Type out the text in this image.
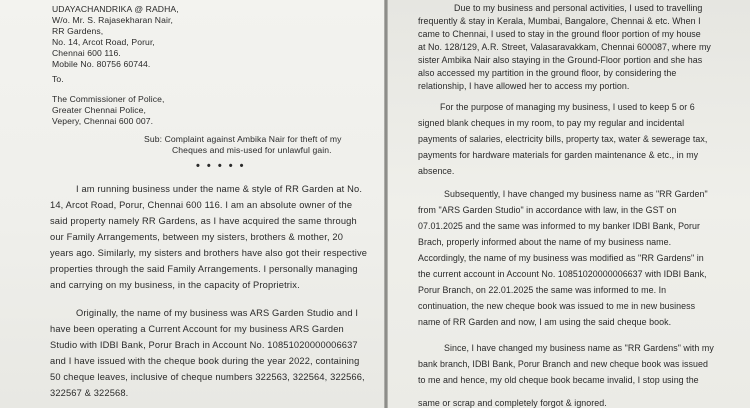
UDAYACHANDRIKA @ RADHA,
W/o. Mr. S. Rajasekharan Nair,
RR Gardens,
No. 14, Arcot Road, Porur,
Chennai 600 116.
Mobile No. 80756 60744.
To.
The Commissioner of Police,
Greater Chennai Police,
Vepery, Chennai 600 007.
Sub: Complaint against Ambika Nair for theft of my
Cheques and mis-used for unlawful gain.
• • • • •
I am running business under the name & style of RR Garden at No.
14, Arcot Road, Porur, Chennai 600 116. I am an absolute owner of the
said property namely RR Gardens, as I have acquired the same through
our Family Arrangements, between my sisters, brothers & mother, 20
years ago. Similarly, my sisters and brothers have also got their respective
properties through the said Family Arrangements. I personally managing
and carrying on my business, in the capacity of Proprietrix.
Originally, the name of my business was ARS Garden Studio and I
have been operating a Current Account for my business ARS Garden
Studio with IDBI Bank, Porur Brach in Account No. 10851020000006637
and I have issued with the cheque book during the year 2022, containing
50 cheque leaves, inclusive of cheque numbers 322563, 322564, 322566,
322567 & 322568.
Due to my business and personal activities, I used to travelling
frequently & stay in Kerala, Mumbai, Bangalore, Chennai & etc. When I
came to Chennai, I used to stay in the ground floor portion of my house
at No. 128/129, A.R. Street, Valasaravakkam, Chennai 600087, where my
sister Ambika Nair also staying in the Ground-Floor portion and she has
also accessed my partition in the ground floor, by considering the
relationship, I have allowed her to access my portion.
For the purpose of managing my business, I used to keep 5 or 6
signed blank cheques in my room, to pay my regular and incidental
payments of salaries, electricity bills, property tax, water & sewerage tax,
payments for hardware materials for garden maintenance & etc., in my
absence.
Subsequently, I have changed my business name as "RR Garden"
from "ARS Garden Studio" in accordance with law, in the GST on
07.01.2025 and the same was informed to my banker IDBI Bank, Porur
Brach, properly informed about the name of my business name.
Accordingly, the name of my business was modified as "RR Gardens" in
the current account in Account No. 10851020000006637 with IDBI Bank,
Porur Branch, on 22.01.2025 the same was informed to me. In
continuation, the new cheque book was issued to me in new business
name of RR Garden and now, I am using the said cheque book.
Since, I have changed my business name as "RR Gardens" with my
bank branch, IDBI Bank, Porur Branch and new cheque book was issued
to me and hence, my old cheque book became invalid, I stop using the
same or scrap and completely forgot & ignored.
